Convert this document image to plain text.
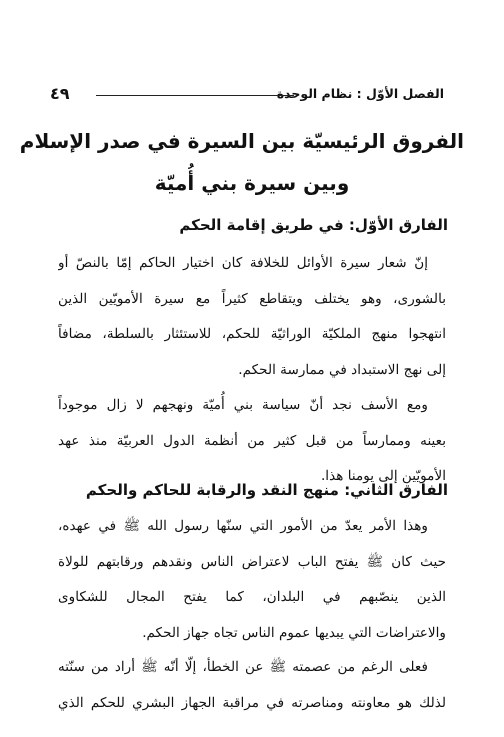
الفصل الأوّل : نظام الوحدة
٤٩
الفروق الرئيسيّة بين السيرة في صدر الإسلام
وبين سيرة بني أُميّة
الفارق الأوّل: في طريق إقامة الحكم
إنّ شعار سيرة الأوائل للخلافة كان اختيار الحاكم إمّا بالنصّ أو
بالشورى، وهو يختلف ويتقاطع كثيراً مع سيرة الأمويّين الذين
انتهجوا منهج الملكيّة الوراثيّة للحكم، للاستئثار بالسلطة، مضافاً
إلى نهج الاستبداد في ممارسة الحكم.
ومع الأسف نجد أنّ سياسة بني أُميّة ونهجهم لا زال موجوداً
بعينه وممارساً من قبل كثير من أنظمة الدول العربيّة منذ عهد
الأمويّين إلى يومنا هذا.
الفارق الثاني: منهج النقد والرقابة للحاكم والحكم
وهذا الأمر يعدّ من الأمور التي سنّها رسول الله ﷺ في عهده،
حيث كان ﷺ يفتح الباب لاعتراض الناس ونقدهم ورقابتهم للولاة
الذين ينصّبهم في البلدان، كما يفتح المجال للشكاوى
والاعتراضات التي يبديها عموم الناس تجاه جهاز الحكم.
فعلى الرغم من عصمته ﷺ عن الخطأ، إلّا أنّه ﷺ أراد من سنّته
لذلك هو معاونته ومناصرته في مراقبة الجهاز البشري للحكم الذي
